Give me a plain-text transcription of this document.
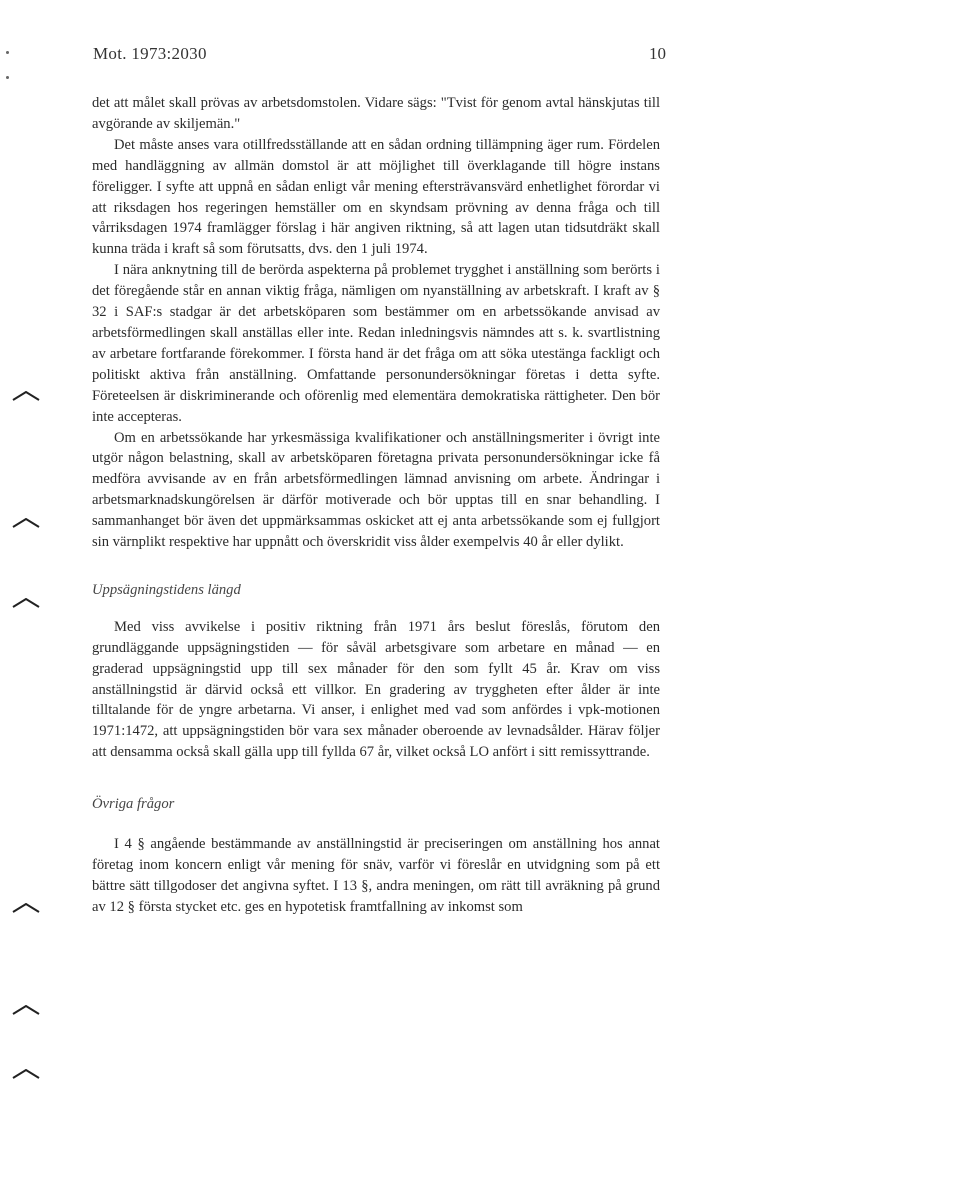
Mot. 1973:2030	10

det att målet skall prövas av arbetsdomstolen. Vidare sägs: "Tvist för genom avtal hänskjutas till avgörande av skiljemän."

Det måste anses vara otillfredsställande att en sådan ordning tillämpning äger rum. Fördelen med handläggning av allmän domstol är att möjlighet till överklagande till högre instans föreligger. I syfte att uppnå en sådan enligt vår mening eftersträvansvärd enhetlighet förordar vi att riksdagen hos regeringen hemställer om en skyndsam prövning av denna fråga och till vårriksdagen 1974 framlägger förslag i här angiven riktning, så att lagen utan tidsutdräkt skall kunna träda i kraft så som förutsatts, dvs. den 1 juli 1974.

I nära anknytning till de berörda aspekterna på problemet trygghet i anställning som berörts i det föregående står en annan viktig fråga, nämligen om nyanställning av arbetskraft. I kraft av § 32 i SAF:s stadgar är det arbetsköparen som bestämmer om en arbetssökande anvisad av arbetsförmedlingen skall anställas eller inte. Redan inledningsvis nämndes att s. k. svartlistning av arbetare fortfarande förekommer. I första hand är det fråga om att söka utestänga fackligt och politiskt aktiva från anställning. Omfattande personundersökningar företas i detta syfte. Företeelsen är diskriminerande och oförenlig med elementära demokratiska rättigheter. Den bör inte accepteras.

Om en arbetssökande har yrkesmässiga kvalifikationer och anställningsmeriter i övrigt inte utgör någon belastning, skall av arbetsköparen företagna privata personundersökningar icke få medföra avvisande av en från arbetsförmedlingen lämnad anvisning om arbete. Ändringar i arbetsmarknadskungörelsen är därför motiverade och bör upptas till en snar behandling. I sammanhanget bör även det uppmärksammas oskicket att ej anta arbetssökande som ej fullgjort sin värnplikt respektive har uppnått och överskridit viss ålder exempelvis 40 år eller dylikt.

Uppsägningstidens längd

Med viss avvikelse i positiv riktning från 1971 års beslut föreslås, förutom den grundläggande uppsägningstiden — för såväl arbetsgivare som arbetare en månad — en graderad uppsägningstid upp till sex månader för den som fyllt 45 år. Krav om viss anställningstid är därvid också ett villkor. En gradering av tryggheten efter ålder är inte tilltalande för de yngre arbetarna. Vi anser, i enlighet med vad som anfördes i vpk-motionen 1971:1472, att uppsägningstiden bör vara sex månader oberoende av levnadsålder. Härav följer att densamma också skall gälla upp till fyllda 67 år, vilket också LO anfört i sitt remissyttrande.

Övriga frågor

I 4 § angående bestämmande av anställningstid är preciseringen om anställning hos annat företag inom koncern enligt vår mening för snäv, varför vi föreslår en utvidgning som på ett bättre sätt tillgodoser det angivna syftet. I 13 §, andra meningen, om rätt till avräkning på grund av 12 § första stycket etc. ges en hypotetisk framtfallning av inkomst som
